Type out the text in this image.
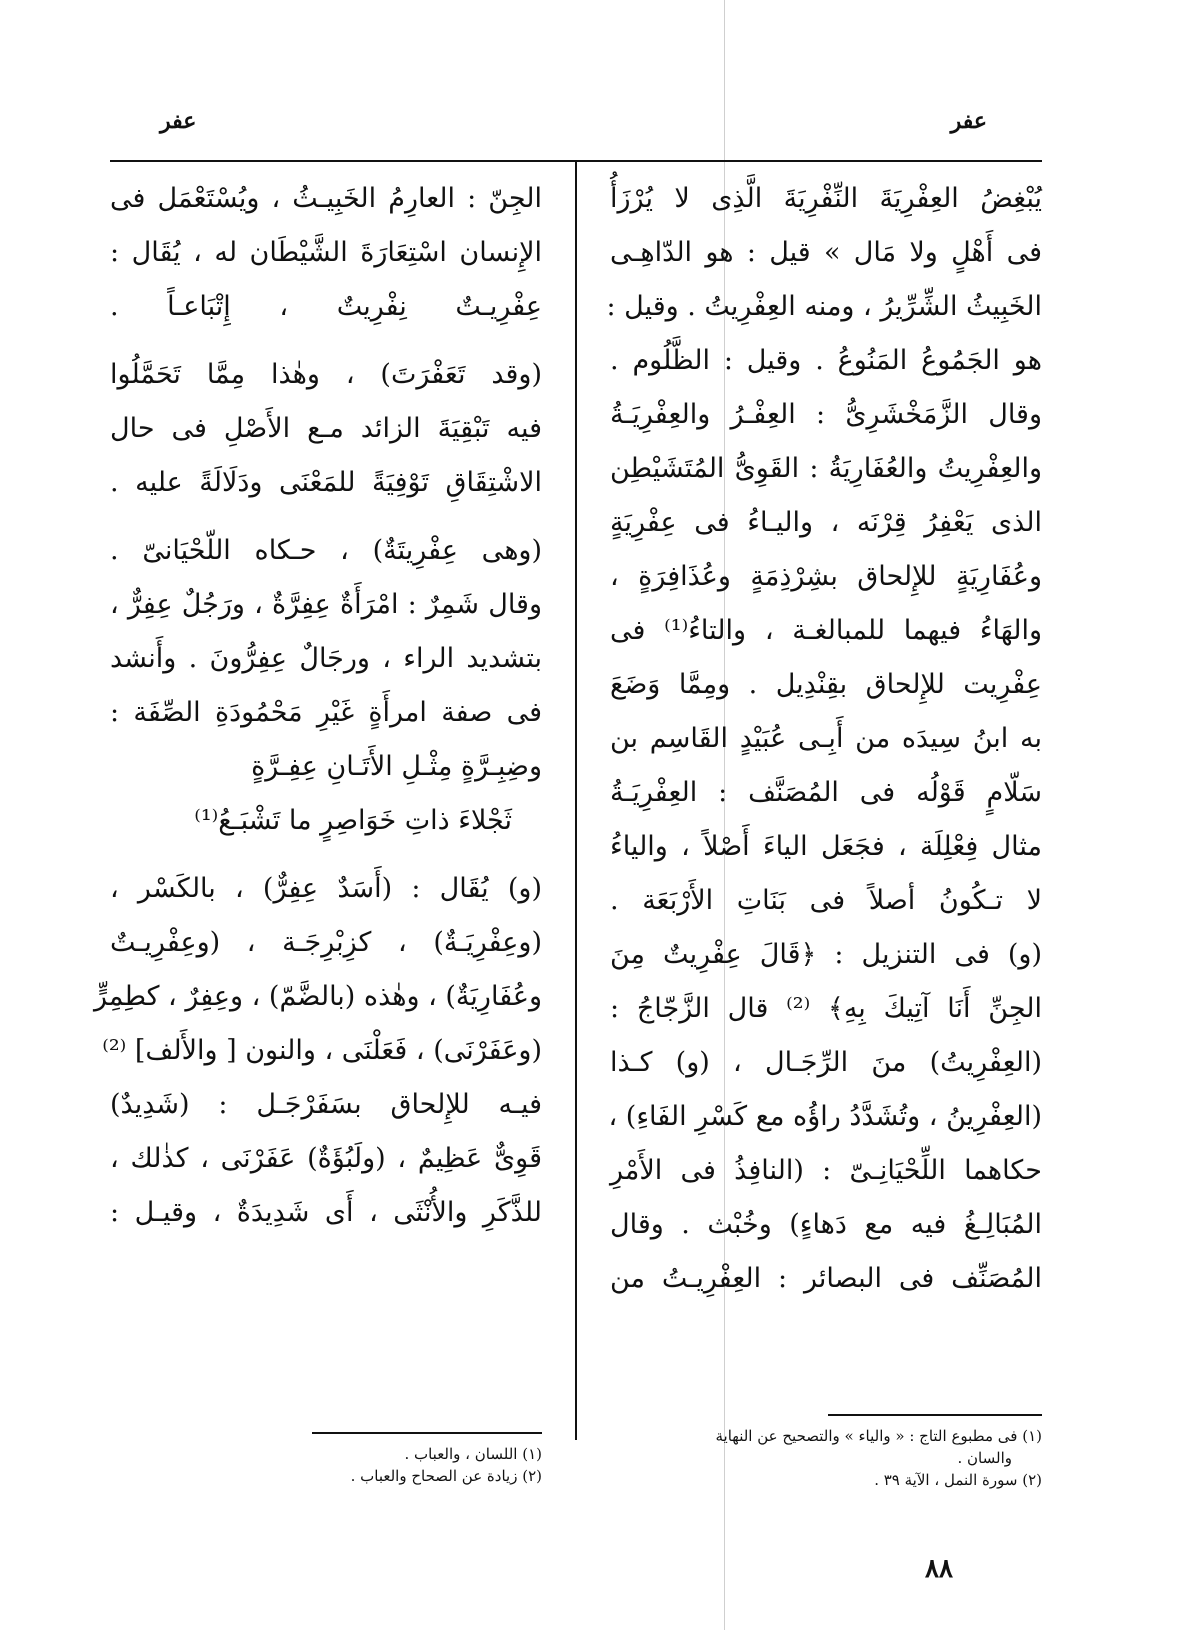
عفر
عفر
يُبْغِضُ العِفْرِيَةَ النِّفْرِيَةَ الَّذِى لا يُرْزَأُ
فى أَهْلٍ ولا مَال » قيل : هو الدّاهِـى
الخَبِيثُ الشِّرِّيرُ ، ومنه العِفْرِيتُ . وقيل :
هو الجَمُوعُ المَنُوعُ . وقيل : الظَّلُوم .
وقال الزَّمَخْشَرِىُّ : العِفْـرُ والعِفْرِيَـةُ
والعِفْرِيتُ والعُفَارِيَةُ : القَوِىُّ المُتَشَيْطِن
الذى يَعْفِرُ قِرْنَه ، واليـاءُ فى عِفْرِيَةٍ
وعُفَارِيَةٍ للإِلحاق بشِرْذِمَةٍ وعُذَافِرَةٍ ،
والهَاءُ فيهما للمبالغـة ، والتاءُ⁽¹⁾ فى
عِفْرِيت للإِلحاق بقِنْدِيل . ومِمَّا وَضَعَ
به ابنُ سِيدَه من أَبِـى عُبَيْدٍ القَاسِم بن
سَلّامٍ قَوْلُه فى المُصَنَّف : العِفْرِيَـةُ
مثال فِعْلِلَة ، فجَعَل الياءَ أَصْلاً ، والياءُ
لا تـكُونُ أصلاً فى بَنَاتِ الأَرْبَعَة .
(و) فى التنزيل : ﴿قَالَ عِفْرِيتٌ مِنَ
الجِنِّ أَنَا آتِيكَ بِهِ﴾ ⁽²⁾ قال الزَّجّاجُ :
(العِفْرِيتُ) منَ الرِّجَـال ، (و) كـذا
(العِفْرِينُ ، وتُشَدَّدُ راؤُه مع كَسْرِ الفَاءِ) ،
حكاهما اللِّحْيَانِـىّ : (النافِذُ فى الأَمْرِ
المُبَالِـغُ فيه مع دَهاءٍ) وخُبْث . وقال
المُصَنِّف فى البصائر : العِفْرِيـتُ من
الجِنّ : العارِمُ الخَبِيـثُ ، ويُسْتَعْمَل فى
الإِنسان اسْتِعَارَةَ الشَّيْطَان له ، يُقَال :
عِفْرِيـتٌ نِفْرِيتٌ ، إِتْبَاعـاً .
(وقد تَعَفْرَتَ) ، وهٰذا مِمَّا تَحَمَّلُوا
فيه تَبْقِيَةَ الزائد مـع الأَصْلِ فى حال
الاشْتِقَاقِ تَوْفِيَةً للمَعْنَى ودَلَالَةً عليه .
(وهى عِفْرِيتَةٌ) ، حـكاه اللّحْيَانىّ .
وقال شَمِرٌ : امْرَأَةٌ عِفِرَّةٌ ، ورَجُلٌ عِفِرٌّ ،
بتشديد الراء ، ورجَالٌ عِفِرُّونَ . وأَنشد
فى صفة امرأَةٍ غَيْرِ مَحْمُودَةِ الصِّفَة :
وضِبِـرَّةٍ مِثْـلِ الأَتَـانِ عِفِـرَّةٍ
ثَجْلاءَ ذاتِ خَوَاصِرٍ ما تَشْبَـعُ⁽¹⁾
(و) يُقَال : (أَسَدٌ عِفِرٌّ) ، بالكَسْر ،
(وعِفْرِيَـةٌ) ، كزِبْرِجَـة ، (وعِفْرِيـتٌ
وعُفَارِيَةٌ) ، وهٰذه (بالضَّمّ) ، وعِفِرٌ ، كطِمِرٍّ
(وعَفَرْنَى) ، فَعَلْنَى ، والنون [ والأَلف] ⁽²⁾
فيـه للإِلحاق بسَفَرْجَـل : (شَدِيدٌ)
قَوِىٌّ عَظِيمٌ ، (ولَبُؤَةٌ) عَفَرْنَى ، كذٰلك ،
للذَّكَرِ والأُنْثَى ، أَى شَدِيدَةٌ ، وقيـل :
(١) فى مطبوع التاج : « والياء » والتصحيح عن النهاية
والسان .
(٢) سورة النمل ، الآية ٣٩ .
(١) اللسان ، والعباب .
(٢) زيادة عن الصحاح والعباب .
٨٨
